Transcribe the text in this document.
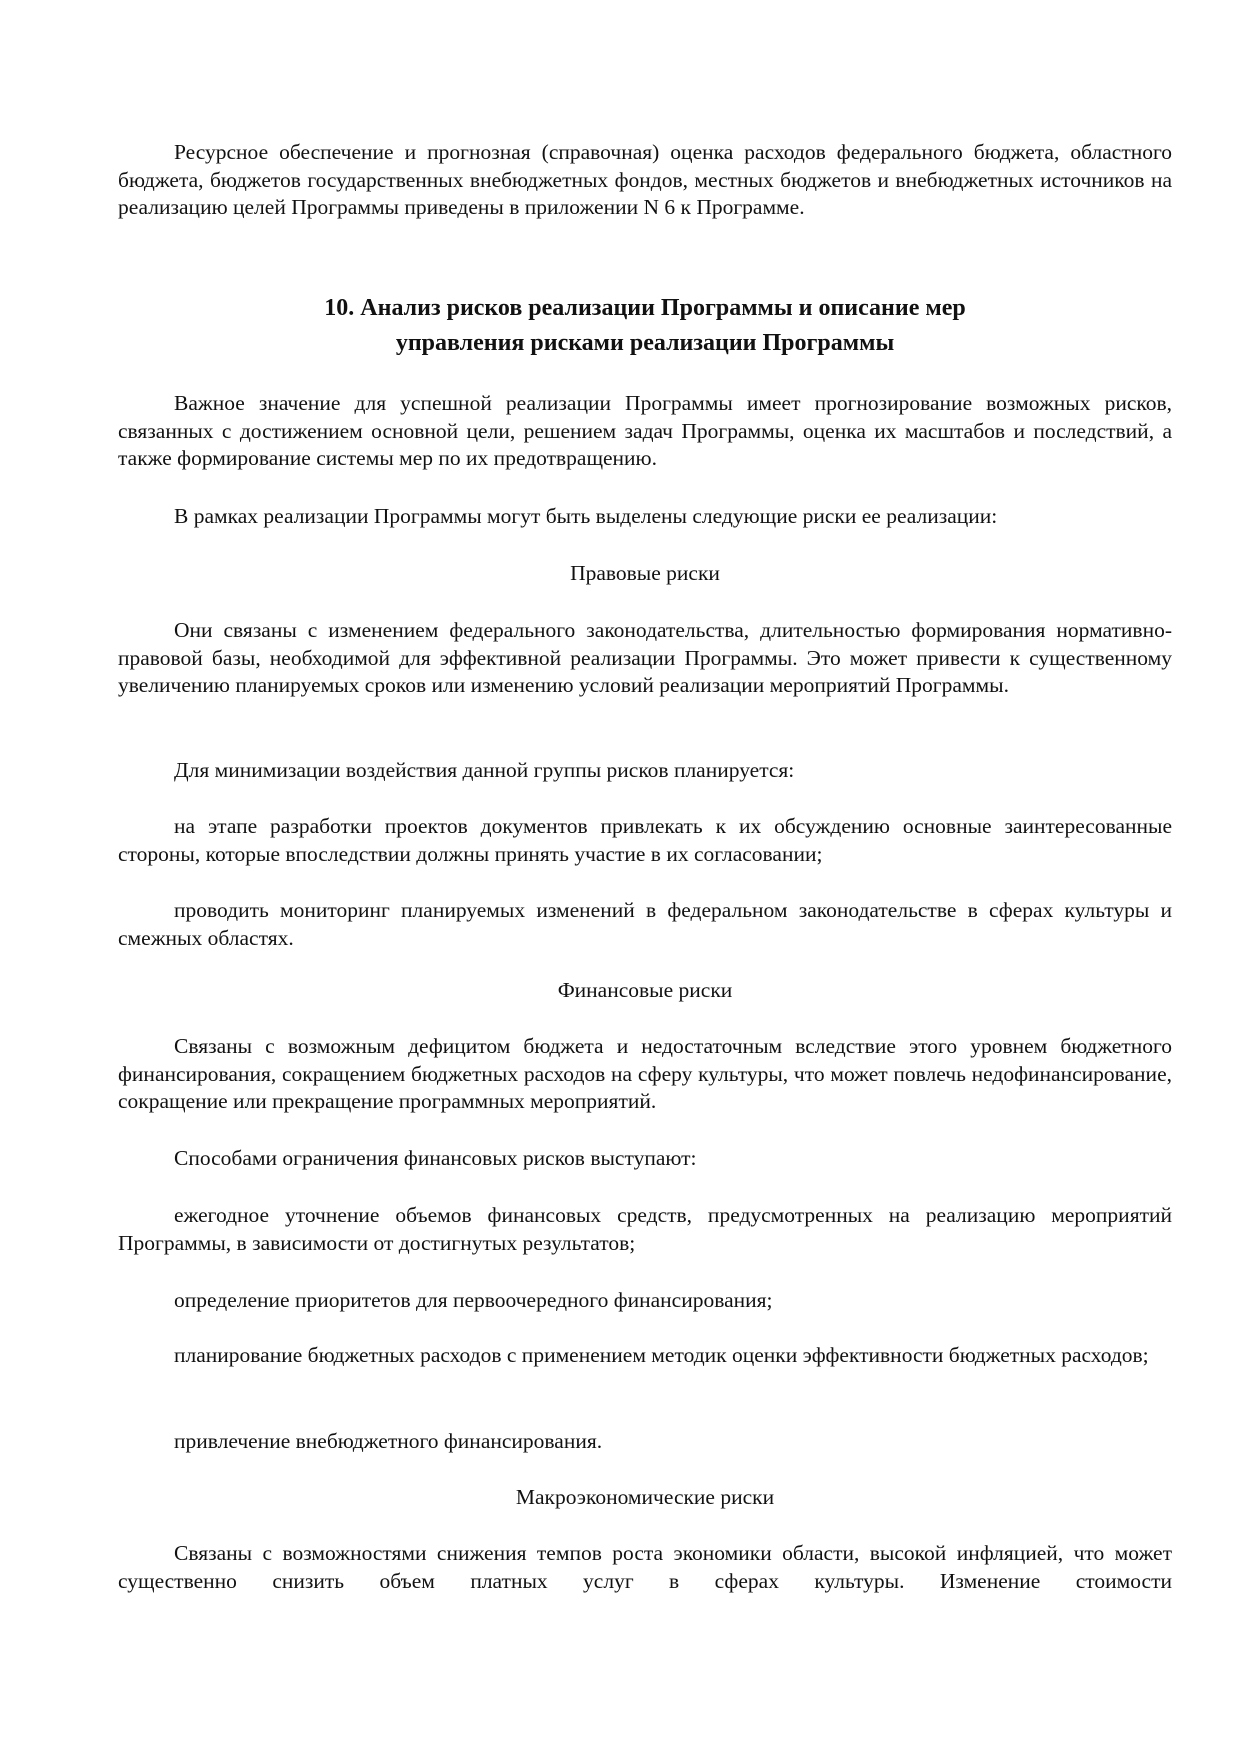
Ресурсное обеспечение и прогнозная (справочная) оценка расходов федерального бюджета, областного бюджета, бюджетов государственных внебюджетных фондов, местных бюджетов и внебюджетных источников на реализацию целей Программы приведены в приложении N 6 к Программе.

10. Анализ рисков реализации Программы и описание мер
управления рисками реализации Программы

Важное значение для успешной реализации Программы имеет прогнозирование возможных рисков, связанных с достижением основной цели, решением задач Программы, оценка их масштабов и последствий, а также формирование системы мер по их предотвращению.

В рамках реализации Программы могут быть выделены следующие риски ее реализации:

Правовые риски

Они связаны с изменением федерального законодательства, длительностью формирования нормативно-правовой базы, необходимой для эффективной реализации Программы. Это может привести к существенному увеличению планируемых сроков или изменению условий реализации мероприятий Программы.

Для минимизации воздействия данной группы рисков планируется:

на этапе разработки проектов документов привлекать к их обсуждению основные заинтересованные стороны, которые впоследствии должны принять участие в их согласовании;

проводить мониторинг планируемых изменений в федеральном законодательстве в сферах культуры и смежных областях.

Финансовые риски

Связаны с возможным дефицитом бюджета и недостаточным вследствие этого уровнем бюджетного финансирования, сокращением бюджетных расходов на сферу культуры, что может повлечь недофинансирование, сокращение или прекращение программных мероприятий.

Способами ограничения финансовых рисков выступают:

ежегодное уточнение объемов финансовых средств, предусмотренных на реализацию мероприятий Программы, в зависимости от достигнутых результатов;

определение приоритетов для первоочередного финансирования;

планирование бюджетных расходов с применением методик оценки эффективности бюджетных расходов;

привлечение внебюджетного финансирования.

Макроэкономические риски

Связаны с возможностями снижения темпов роста экономики области, высокой инфляцией, что может существенно снизить объем платных услуг в сферах культуры. Изменение стоимости
